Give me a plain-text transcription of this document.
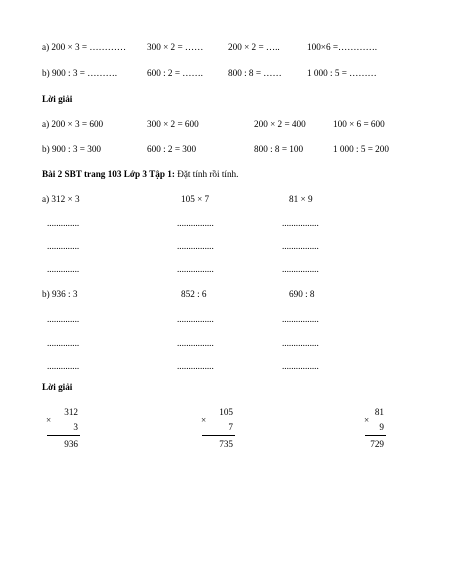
a) 200 × 3 = ………… 300 × 2 = ……	200 × 2 = …..	100×6 =………….
b) 900 : 3 = ……….	600 : 2 = …….	800 : 8 = ……	1 000 : 5 = ………
Lời giải
a) 200 × 3 = 600	300 × 2 = 600	200 × 2 = 400	100 × 6 = 600
b) 900 : 3 = 300	600 : 2 = 300	800 : 8 = 100	1 000 : 5 = 200
Bài 2 SBT trang 103 Lớp 3 Tập 1: Đặt tính rồi tính.
a) 312 × 3	105 × 7	81 × 9
..............	................	................
..............	................	................
..............	................	................
b) 936 : 3	852 : 6	690 : 8
..............	................	................
..............	................	................
..............	................	................
Lời giải
312
×
3
936
105
×
7
735
81
×
9
729
